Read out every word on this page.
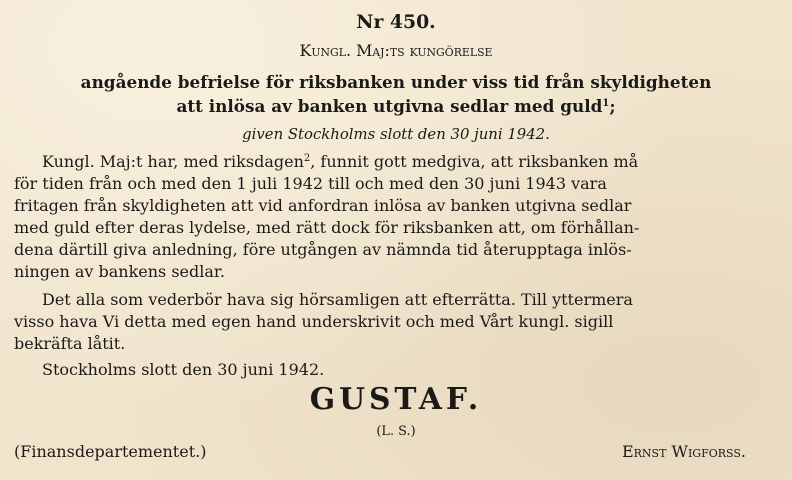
Nr 450.
Kungl. Maj:ts kungörelse
angående befrielse för riksbanken under viss tid från skyldigheten
att inlösa av banken utgivna sedlar med guld$^1$;
given Stockholms slott den 30 juni 1942.
Kungl. Maj:t har, med riksdagen$^2$, funnit gott medgiva, att riksbanken må
för tiden från och med den 1 juli 1942 till och med den 30 juni 1943 vara
fritagen från skyldigheten att vid anfordran inlösa av banken utgivna sedlar
med guld efter deras lydelse, med rätt dock för riksbanken att, om förhållan-
dena därtill giva anledning, före utgången av nämnda tid återupptaga inlös-
ningen av bankens sedlar.
Det alla som vederbör hava sig hörsamligen att efterrätta. Till yttermera
visso hava Vi detta med egen hand underskrivit och med Vårt kungl. sigill
bekräfta låtit.
Stockholms slott den 30 juni 1942.
GUSTAF.
(L. S.)
(Finansdepartementet.)	Ernst Wigforss.
